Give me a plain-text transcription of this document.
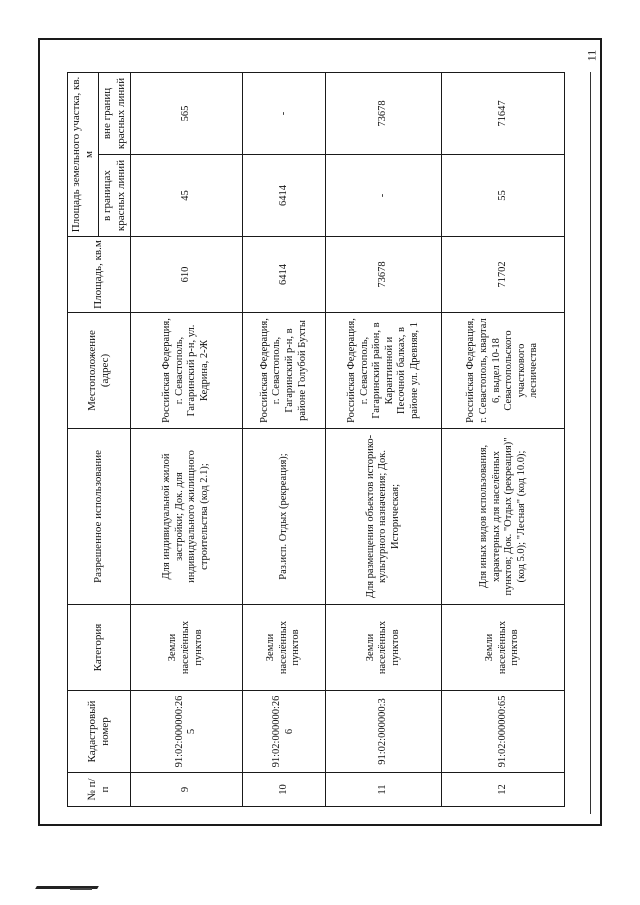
11
№ п/п	Кадастровый номер	Категория	Разрешенное использование	Местоположение (адрес)	Площадь, кв.м	Площадь земельного участка, кв. м	
						в границах красных линий	вне границ красных линий
9	91:02:000000:265	Земли населённых пунктов	Для индивидуальной жилой застройки; Док. для индивидуального жилищного строительства (код 2.1);	Российская Федерация, г. Севастополь, Гагаринский р-н, ул. Кедрина, 2-Ж	610	45	565
10	91:02:000000:266	Земли населённых пунктов	Раз.исп. Отдых (рекреация);	Российская Федерация, г. Севастополь, Гагаринский р-н, в районе Голубой Бухты	6414	6414	-
11	91:02:000000:3	Земли населённых пунктов	Для размещения объектов историко-культурного назначения; Док. Историческая;	Российская Федерация, г. Севастополь, Гагаринский район, в Карантинной и Песочной балках, в районе ул. Древняя, 1	73678	-	73678
12	91:02:000000:65	Земли населённых пунктов	Для иных видов использования, характерных для населённых пунктов; Док. "Отдых (рекреация)" (код 5.0); "Лесная" (код 10.0);	Российская Федерация, г. Севастополь, квартал 6, выдел 10-18 Севастопольского участкового лесничества	71702	55	71647
